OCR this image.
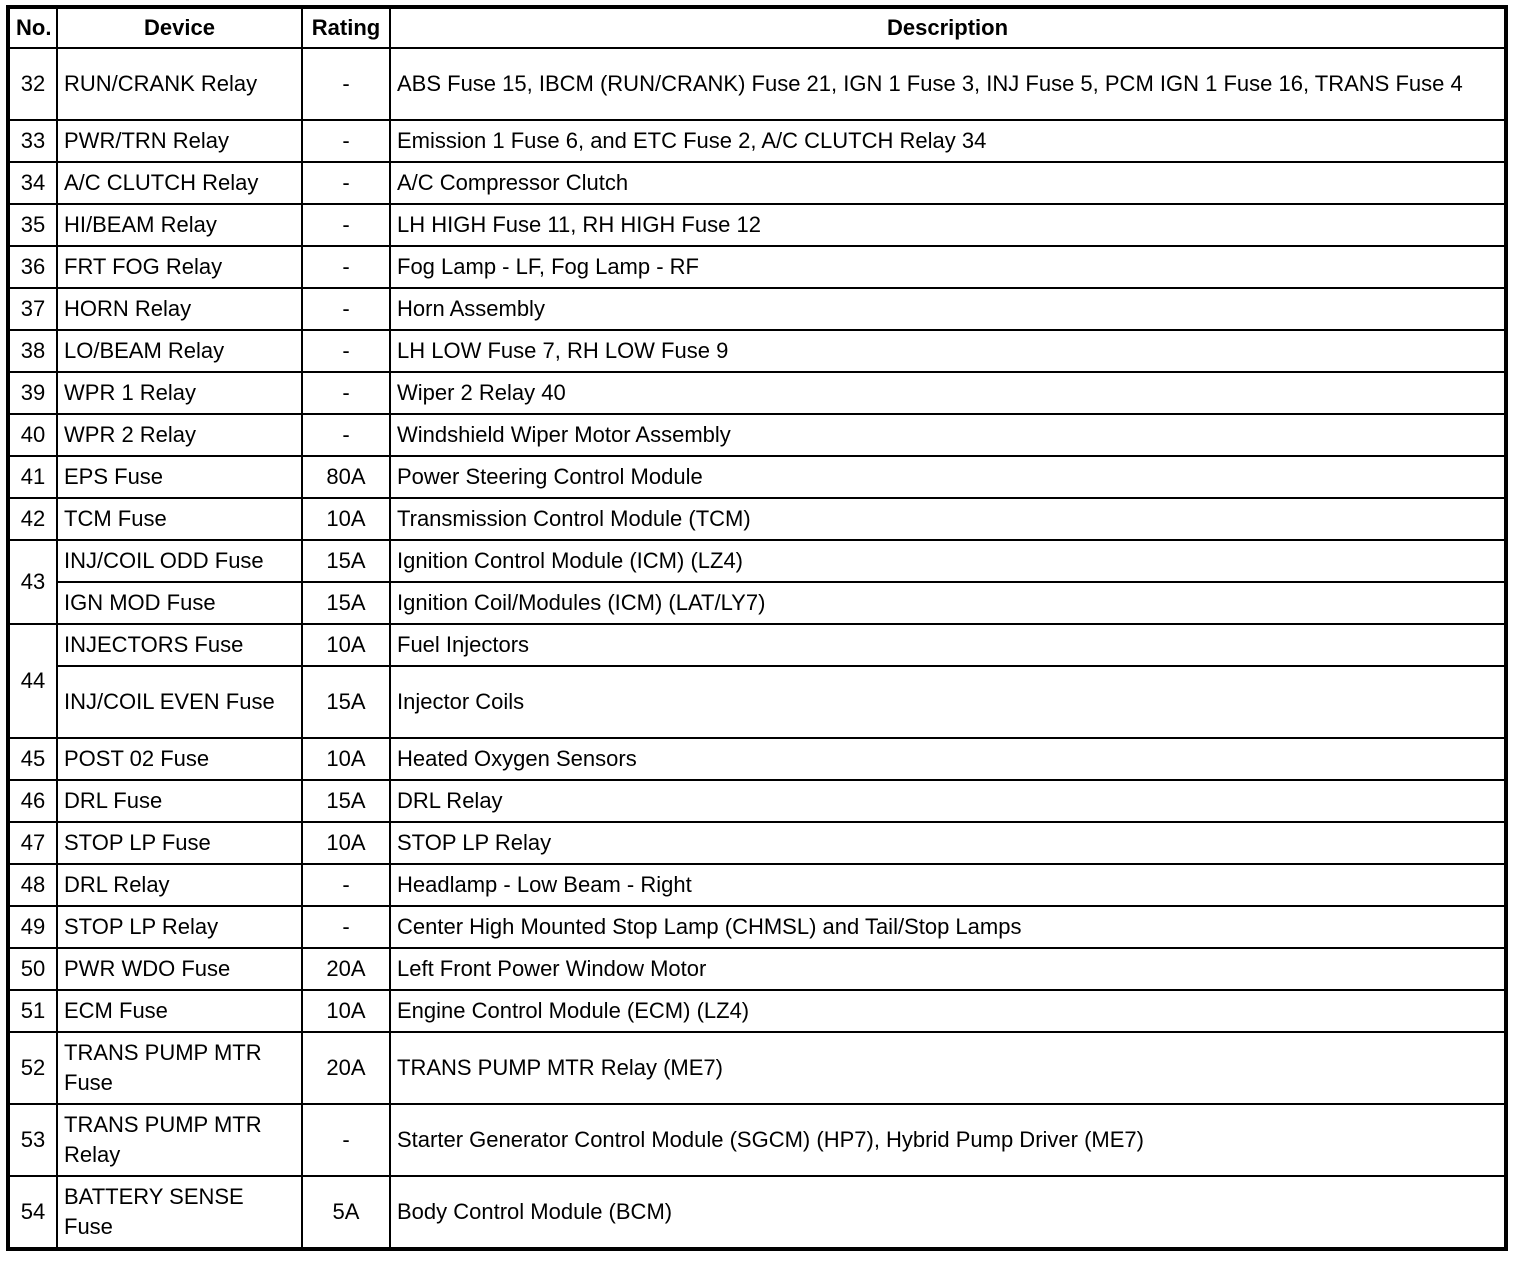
No.	Device	Rating	Description
32	RUN/CRANK Relay	-	ABS Fuse 15, IBCM (RUN/CRANK) Fuse 21, IGN 1 Fuse 3, INJ Fuse 5, PCM IGN 1 Fuse 16, TRANS Fuse 4
33	PWR/TRN Relay	-	Emission 1 Fuse 6, and ETC Fuse 2, A/C CLUTCH Relay 34
34	A/C CLUTCH Relay	-	A/C Compressor Clutch
35	HI/BEAM Relay	-	LH HIGH Fuse 11, RH HIGH Fuse 12
36	FRT FOG Relay	-	Fog Lamp - LF, Fog Lamp - RF
37	HORN Relay	-	Horn Assembly
38	LO/BEAM Relay	-	LH LOW Fuse 7, RH LOW Fuse 9
39	WPR 1 Relay	-	Wiper 2 Relay 40
40	WPR 2 Relay	-	Windshield Wiper Motor Assembly
41	EPS Fuse	80A	Power Steering Control Module
42	TCM Fuse	10A	Transmission Control Module (TCM)
43	INJ/COIL ODD Fuse	15A	Ignition Control Module (ICM) (LZ4)
	IGN MOD Fuse	15A	Ignition Coil/Modules (ICM) (LAT/LY7)
44	INJECTORS Fuse	10A	Fuel Injectors
	INJ/COIL EVEN Fuse	15A	Injector Coils
45	POST 02 Fuse	10A	Heated Oxygen Sensors
46	DRL Fuse	15A	DRL Relay
47	STOP LP Fuse	10A	STOP LP Relay
48	DRL Relay	-	Headlamp - Low Beam - Right
49	STOP LP Relay	-	Center High Mounted Stop Lamp (CHMSL) and Tail/Stop Lamps
50	PWR WDO Fuse	20A	Left Front Power Window Motor
51	ECM Fuse	10A	Engine Control Module (ECM) (LZ4)
52	TRANS PUMP MTR Fuse	20A	TRANS PUMP MTR Relay (ME7)
53	TRANS PUMP MTR Relay	-	Starter Generator Control Module (SGCM) (HP7), Hybrid Pump Driver (ME7)
54	BATTERY SENSE Fuse	5A	Body Control Module (BCM)
